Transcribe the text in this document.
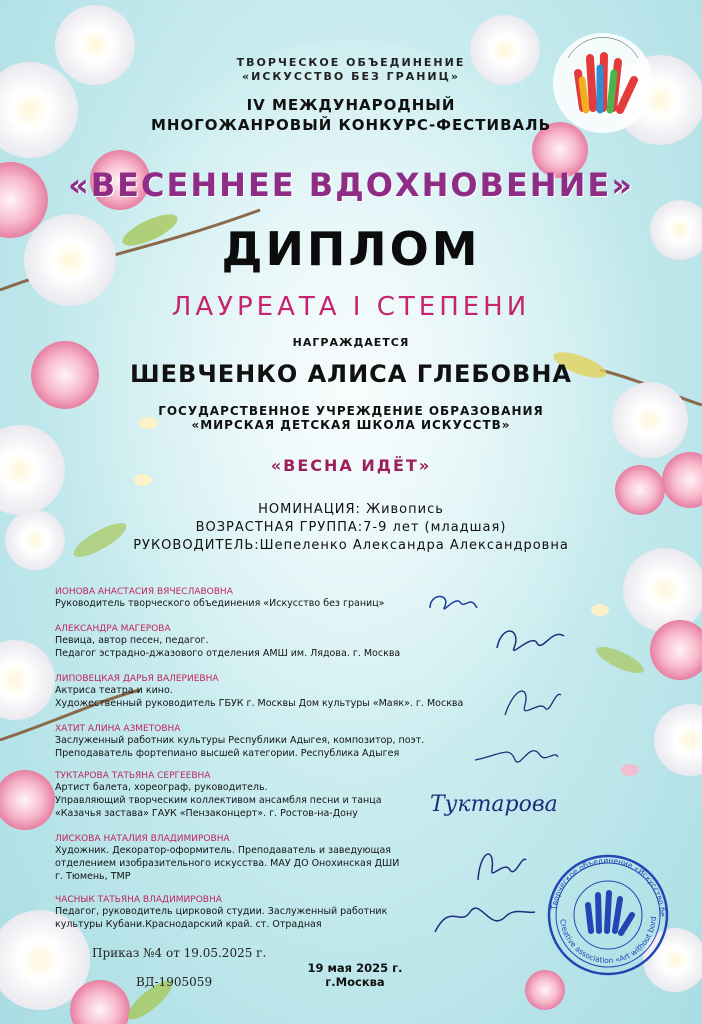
ТВОРЧЕСКОЕ ОБЪЕДИНЕНИЕ
«ИСКУССТВО БЕЗ ГРАНИЦ»
IV МЕЖДУНАРОДНЫЙ
МНОГОЖАНРОВЫЙ КОНКУРС-ФЕСТИВАЛЬ
«ВЕСЕННЕЕ ВДОХНОВЕНИЕ»
ДИПЛОМ
ЛАУРЕАТА I СТЕПЕНИ
НАГРАЖДАЕТСЯ
ШЕВЧЕНКО АЛИСА ГЛЕБОВНА
ГОСУДАРСТВЕННОЕ УЧРЕЖДЕНИЕ ОБРАЗОВАНИЯ
«МИРСКАЯ ДЕТСКАЯ ШКОЛА ИСКУССТВ»
«ВЕСНА ИДЁТ»
НОМИНАЦИЯ: Живопись
ВОЗРАСТНАЯ ГРУППА:7-9 лет (младшая)
РУКОВОДИТЕЛЬ:Шепеленко Александра Александровна
ИОНОВА АНАСТАСИЯ ВЯЧЕСЛАВОВНА
Руководитель творческого объединения «Искусство без границ»
АЛЕКСАНДРА МАГЕРОВА
Певица, автор песен, педагог.
Педагог эстрадно-джазового отделения АМШ им. Лядова. г. Москва
ЛИПОВЕЦКАЯ ДАРЬЯ ВАЛЕРИЕВНА
Актриса театра и кино.
Художественный руководитель ГБУК г. Москвы Дом культуры «Маяк». г. Москва
ХАТИТ АЛИНА АЗМЕТОВНА
Заслуженный работник культуры Республики Адыгея, композитор, поэт.
Преподаватель фортепиано высшей категории. Республика Адыгея
ТУКТАРОВА ТАТЬЯНА СЕРГЕЕВНА
Артист балета, хореограф, руководитель.
Управляющий творческим коллективом ансамбля песни и танца
«Казачья застава» ГАУК «Пензаконцерт». г. Ростов-на-Дону
ЛИСКОВА НАТАЛИЯ ВЛАДИМИРОВНА
Художник. Декоратор-оформитель. Преподаватель и заведующая
отделением изобразительного искусства. МАУ ДО Онохинская ДШИ
г. Тюмень, ТМР
ЧАСНЫК ТАТЬЯНА ВЛАДИМИРОВНА
Педагог, руководитель цирковой студии. Заслуженный работник
культуры Кубани.Краснодарский край. ст. Отрадная
Туктарова
Творческое объединение «Искусство бе
Creative association «Art without bord
Приказ №4 от 19.05.2025 г.
ВД-1905059
19 мая 2025 г.
г.Москва
